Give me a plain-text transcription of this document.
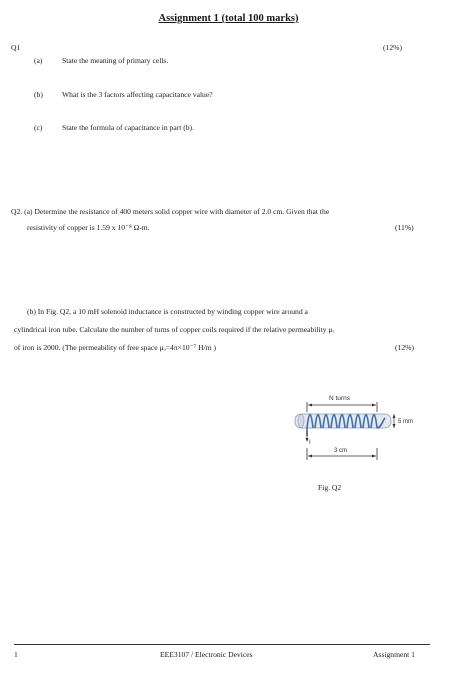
Assignment 1 (total 100 marks)
Q1	(12%)
(a)	State the meaning of primary cells.
(b)	What is the 3 factors affecting capacitance value?
(c)	State the formula of capacitance in part (b).
Q2. (a) Determine the resistance of 400 meters solid copper wire with diameter of 2.0 cm. Given that the
resistivity of copper is 1.59 x 10⁻⁸ Ω-m.	(11%)
(b) In Fig. Q2, a 10 mH solenoid inductance is constructed by winding copper wire around a
cylindrical iron tube. Calculate the number of turns of copper coils required if the relative permeability μᵣ
of iron is 2000. (The permeability of free space μₒ=4π×10⁻⁷ H/m )	(12%)
N turns
I
5 mm
3 cm
Fig. Q2
1	EEE3107 / Electronic Devices	Assignment 1
